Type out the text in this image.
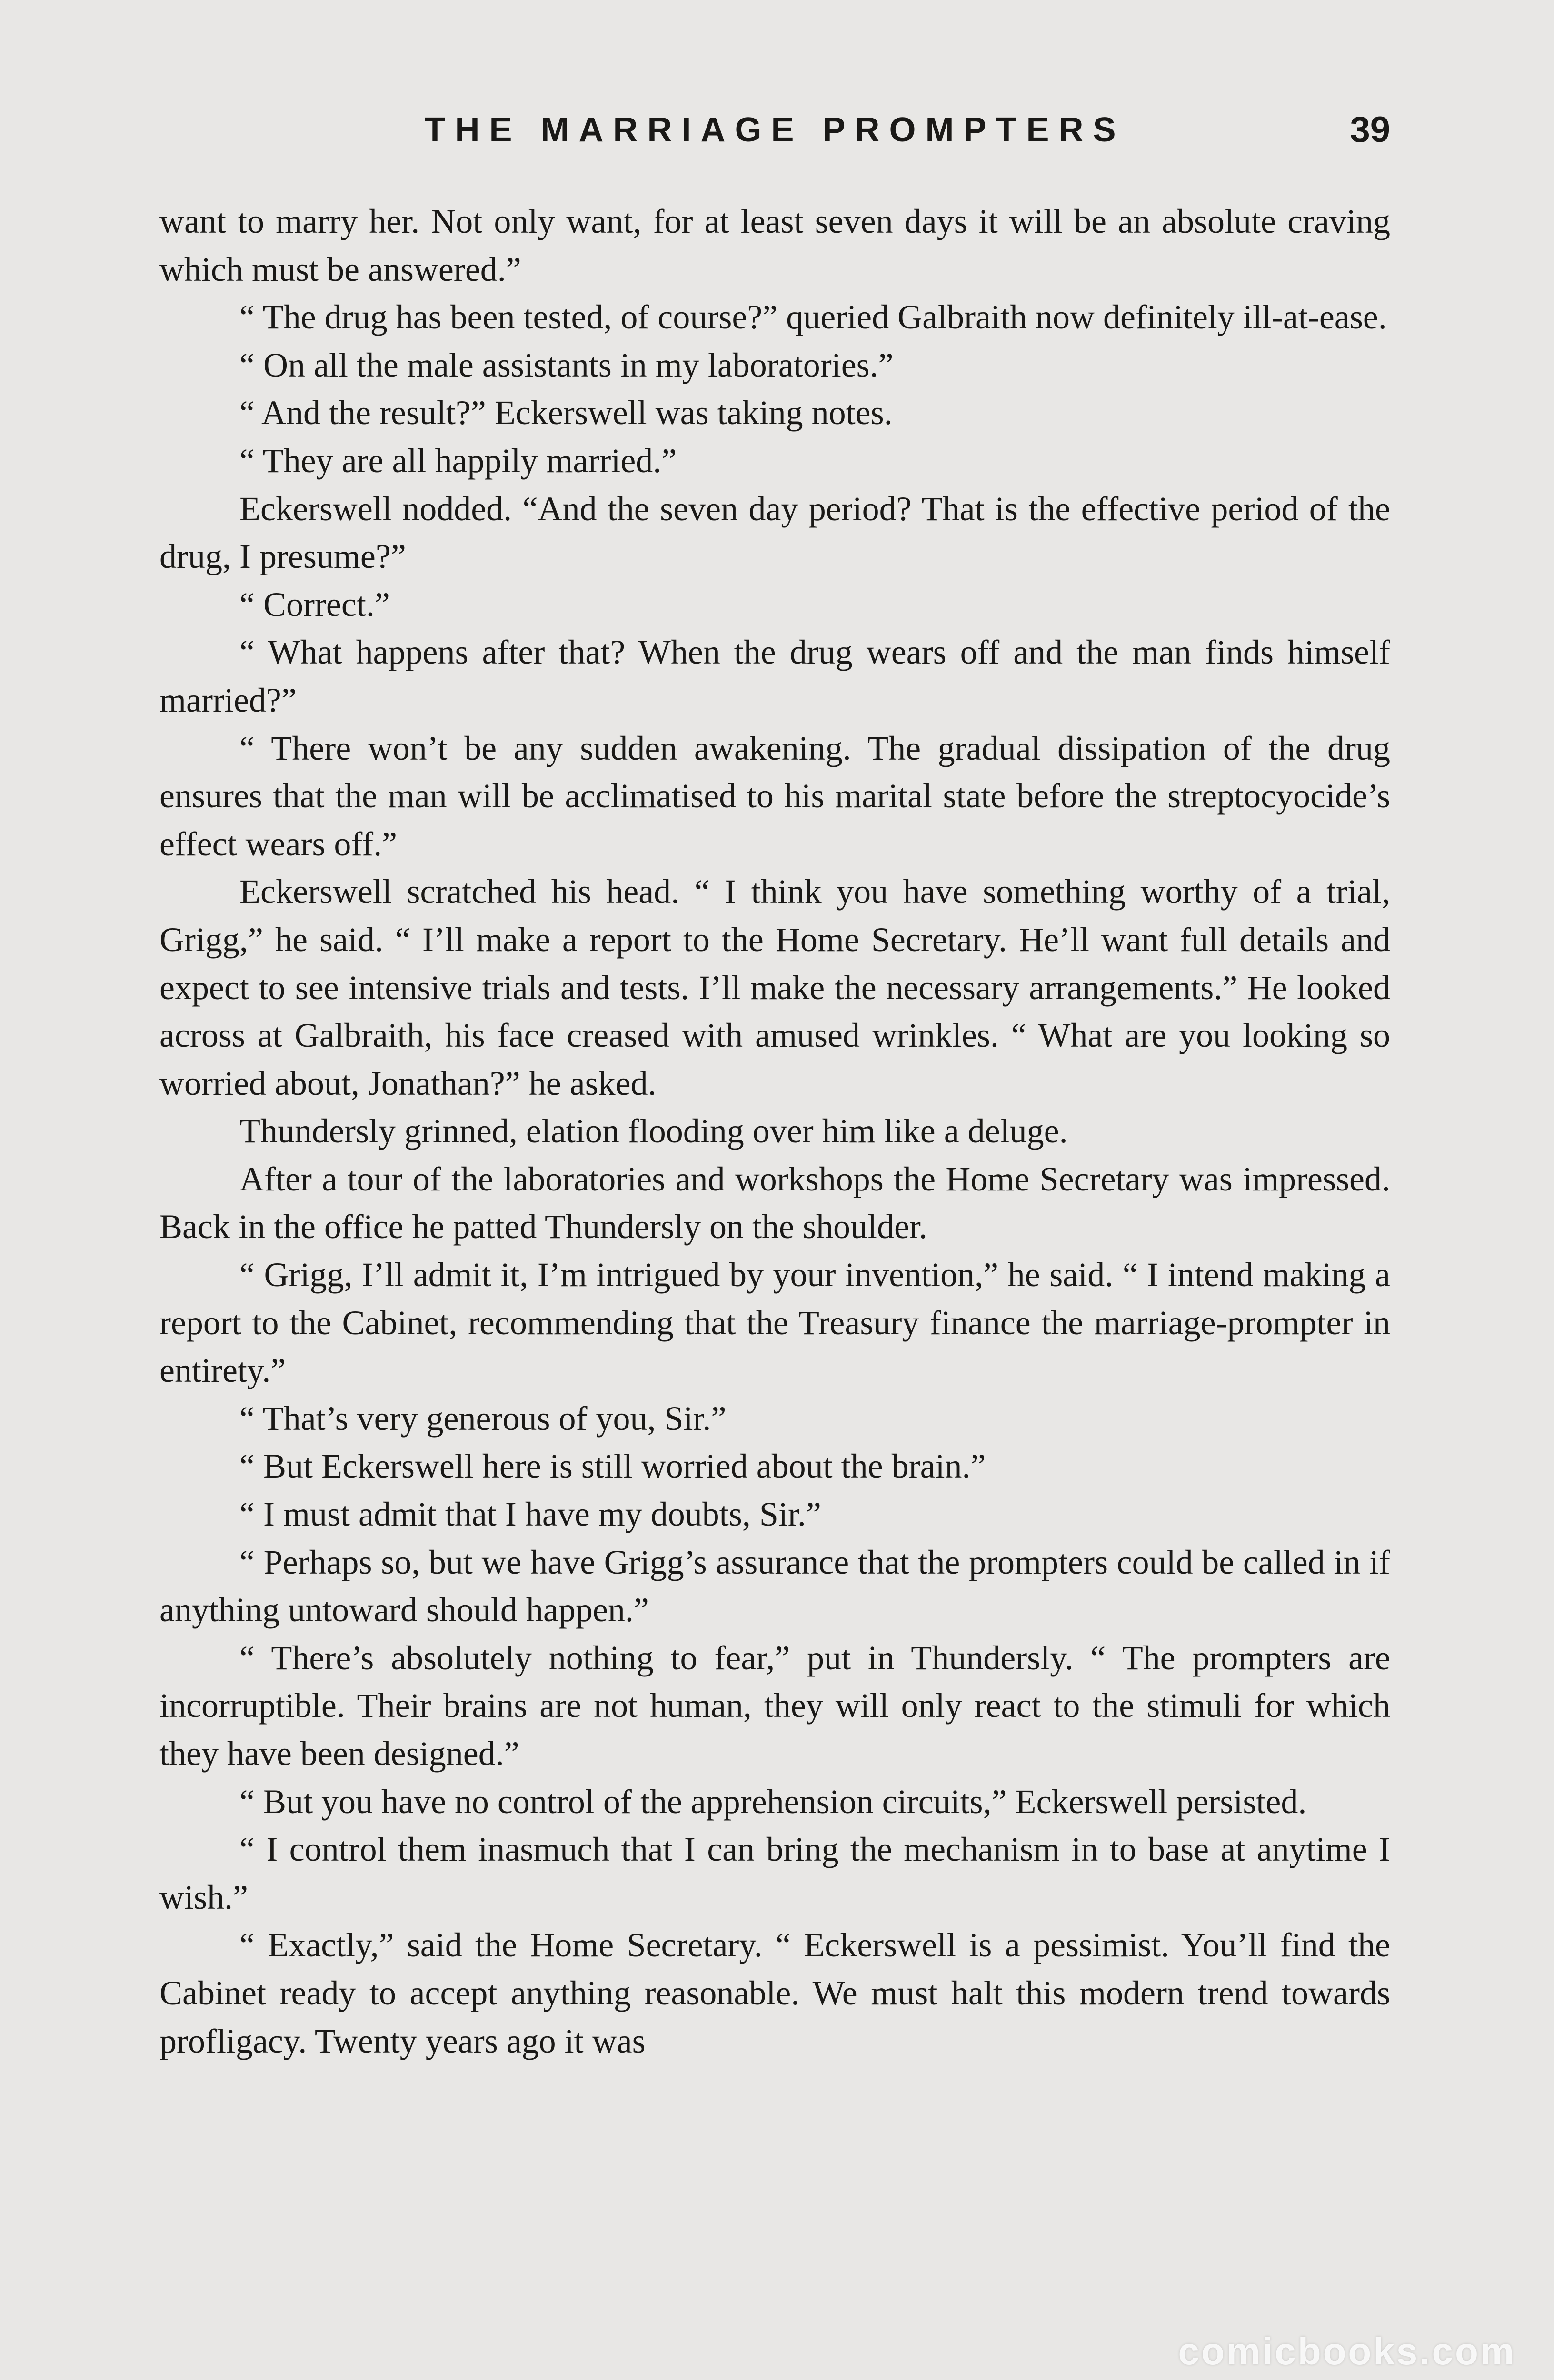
THE MARRIAGE PROMPTERS	39

want to marry her. Not only want, for at least seven days it will be an absolute craving which must be answered.”

“ The drug has been tested, of course?” queried Galbraith now definitely ill-at-ease.

“ On all the male assistants in my laboratories.”

“ And the result?” Eckerswell was taking notes.

“ They are all happily married.”

Eckerswell nodded. “And the seven day period? That is the effective period of the drug, I presume?”

“ Correct.”

“ What happens after that? When the drug wears off and the man finds himself married?”

“ There won’t be any sudden awakening. The gradual dissipation of the drug ensures that the man will be acclimatised to his marital state before the streptocyocide’s effect wears off.”

Eckerswell scratched his head. “ I think you have something worthy of a trial, Grigg,” he said. “ I’ll make a report to the Home Secretary. He’ll want full details and expect to see intensive trials and tests. I’ll make the necessary arrangements.” He looked across at Galbraith, his face creased with amused wrinkles. “ What are you looking so worried about, Jonathan?” he asked.

Thundersly grinned, elation flooding over him like a deluge.

After a tour of the laboratories and workshops the Home Secretary was impressed. Back in the office he patted Thundersly on the shoulder.

“ Grigg, I’ll admit it, I’m intrigued by your invention,” he said. “ I intend making a report to the Cabinet, recommending that the Treasury finance the marriage-prompter in entirety.”

“ That’s very generous of you, Sir.”

“ But Eckerswell here is still worried about the brain.”

“ I must admit that I have my doubts, Sir.”

“ Perhaps so, but we have Grigg’s assurance that the prompters could be called in if anything untoward should happen.”

“ There’s absolutely nothing to fear,” put in Thundersly. “ The prompters are incorruptible. Their brains are not human, they will only react to the stimuli for which they have been designed.”

“ But you have no control of the apprehension circuits,” Eckerswell persisted.

“ I control them inasmuch that I can bring the mechanism in to base at anytime I wish.”

“ Exactly,” said the Home Secretary. “ Eckerswell is a pessimist. You’ll find the Cabinet ready to accept anything reasonable. We must halt this modern trend towards profligacy. Twenty years ago it was

comicbooks.com
